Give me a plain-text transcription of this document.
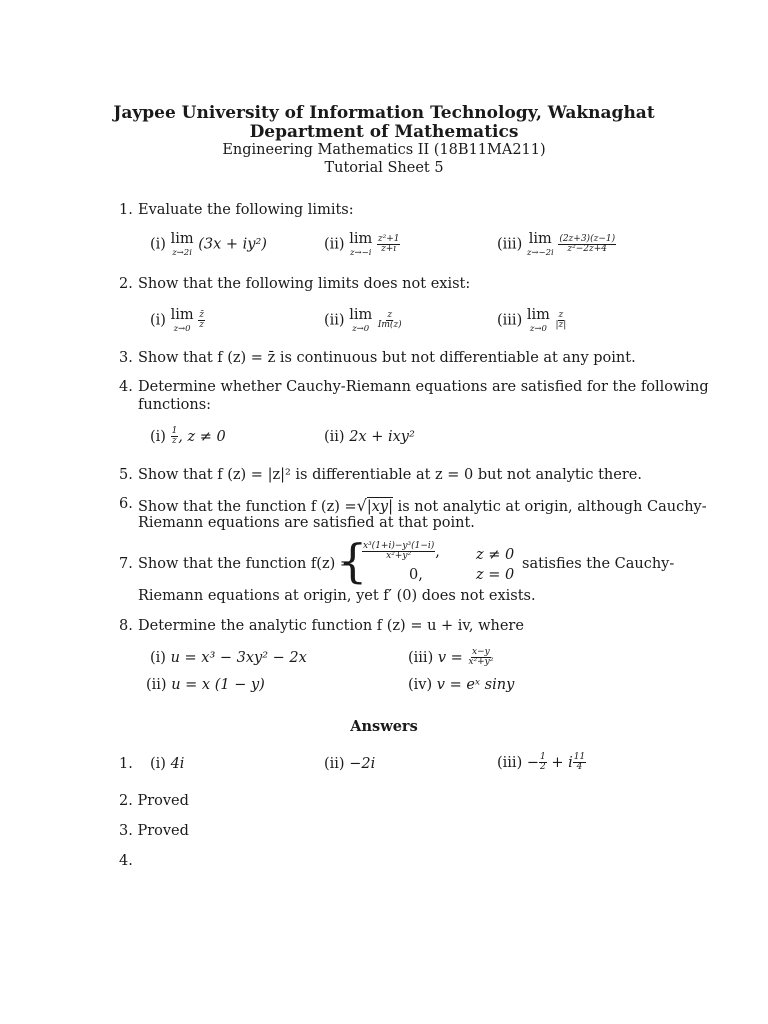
Jaypee University of Information Technology, Waknaghat
Department of Mathematics
Engineering Mathematics II (18B11MA211)
Tutorial Sheet 5
1. Evaluate the following limits:
(i) lim
z→2i (3x + iy²)	(ii) lim
z→−i
$\frac{\text{z²+1}}{z+i}$	(iii) lim
z→−2i
$\frac{(2z+3)(z-1)}{\text{z²−2z+4}}$
2. Show that the following limits does not exist:
(i) lim
z→0
$\frac{z̄}{z}$	(ii) lim
z→0
$\frac{z}{Im(z)}$	(iii) lim
z→0
$\frac{z}{|z|}$
3. Show that f (z) = z̄ is continuous but not differentiable at any point.
4. Determine whether Cauchy-Riemann equations are satisfied for the following
functions:
$(i) \frac{1}{z}$ , z ≠ 0	(ii) 2x + ixy²
5. Show that f (z) = |z|² is differentiable at z = 0 but not analytic there.
6. Show that the function f (z) =√|xy| is not analytic at origin, although Cauchy-
Riemann equations are satisfied at that point.
7. Show that the function f(z) =
{
$\frac{\text{x³(1+i)−y³(1−i)}}{\text{x²+y²}}$ , z ≠ 0
0,	z = 0
satisfies the Cauchy-
Riemann equations at origin, yet f′ (0) does not exists.
8. Determine the analytic function f (z) = u + iv, where
(i) u = x³ − 3xy² − 2x	(iii) $v = \frac{x-y}{\text{x²+y²}}$
(ii) u = x (1 − y)	(iv) v = eˣ siny
Answers
1. (i) 4i	(ii) −2i	$(iii) - \frac{1}{2} + i \frac{11}{4}$
2. Proved
3. Proved
4.
